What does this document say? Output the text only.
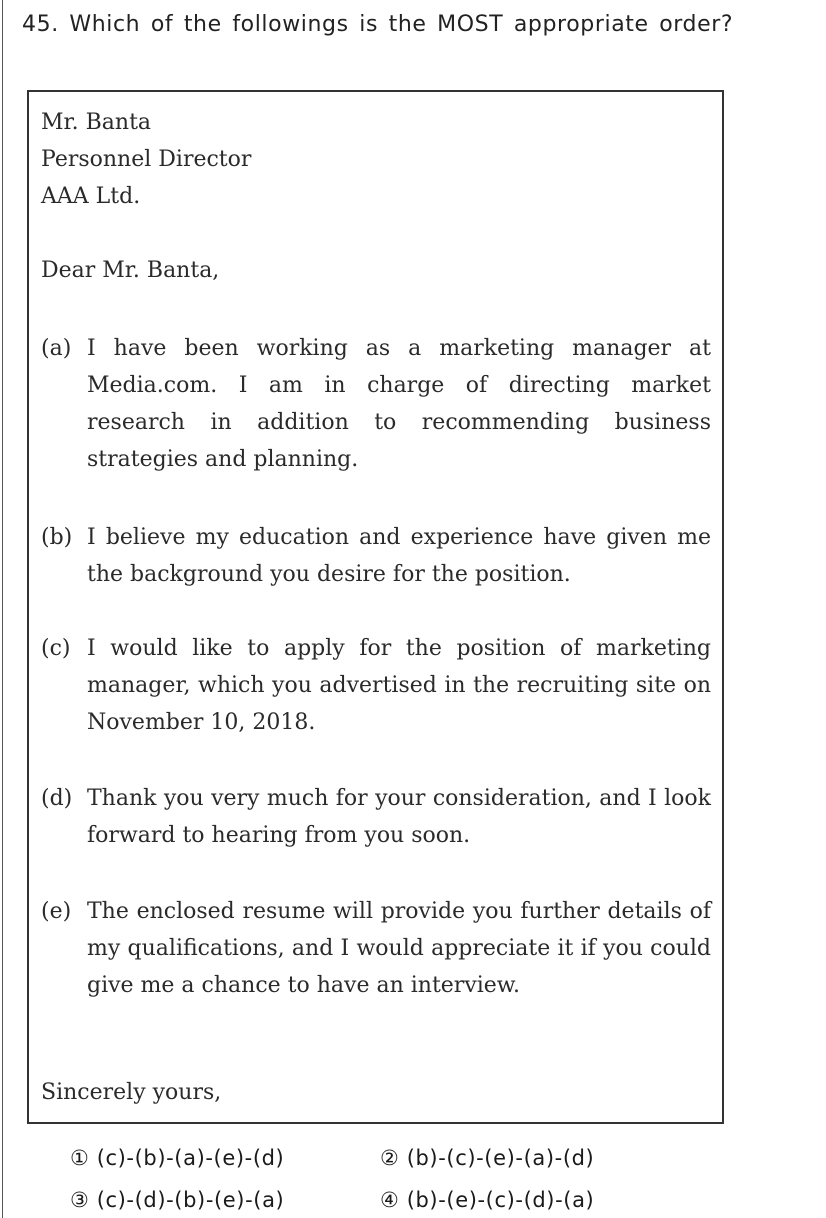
45. Which of the followings is the MOST appropriate order?
Mr. Banta
Personnel Director
AAA Ltd.
Dear Mr. Banta,
(a) I have been working as a marketing manager at Media.com. I am in charge of directing market research in addition to recommending business strategies and planning.
(b) I believe my education and experience have given me the background you desire for the position.
(c) I would like to apply for the position of marketing manager, which you advertised in the recruiting site on November 10, 2018.
(d) Thank you very much for your consideration, and I look forward to hearing from you soon.
(e) The enclosed resume will provide you further details of my qualifications, and I would appreciate it if you could give me a chance to have an interview.
Sincerely yours,
① (c)-(b)-(a)-(e)-(d)	② (b)-(c)-(e)-(a)-(d)
③ (c)-(d)-(b)-(e)-(a)	④ (b)-(e)-(c)-(d)-(a)
